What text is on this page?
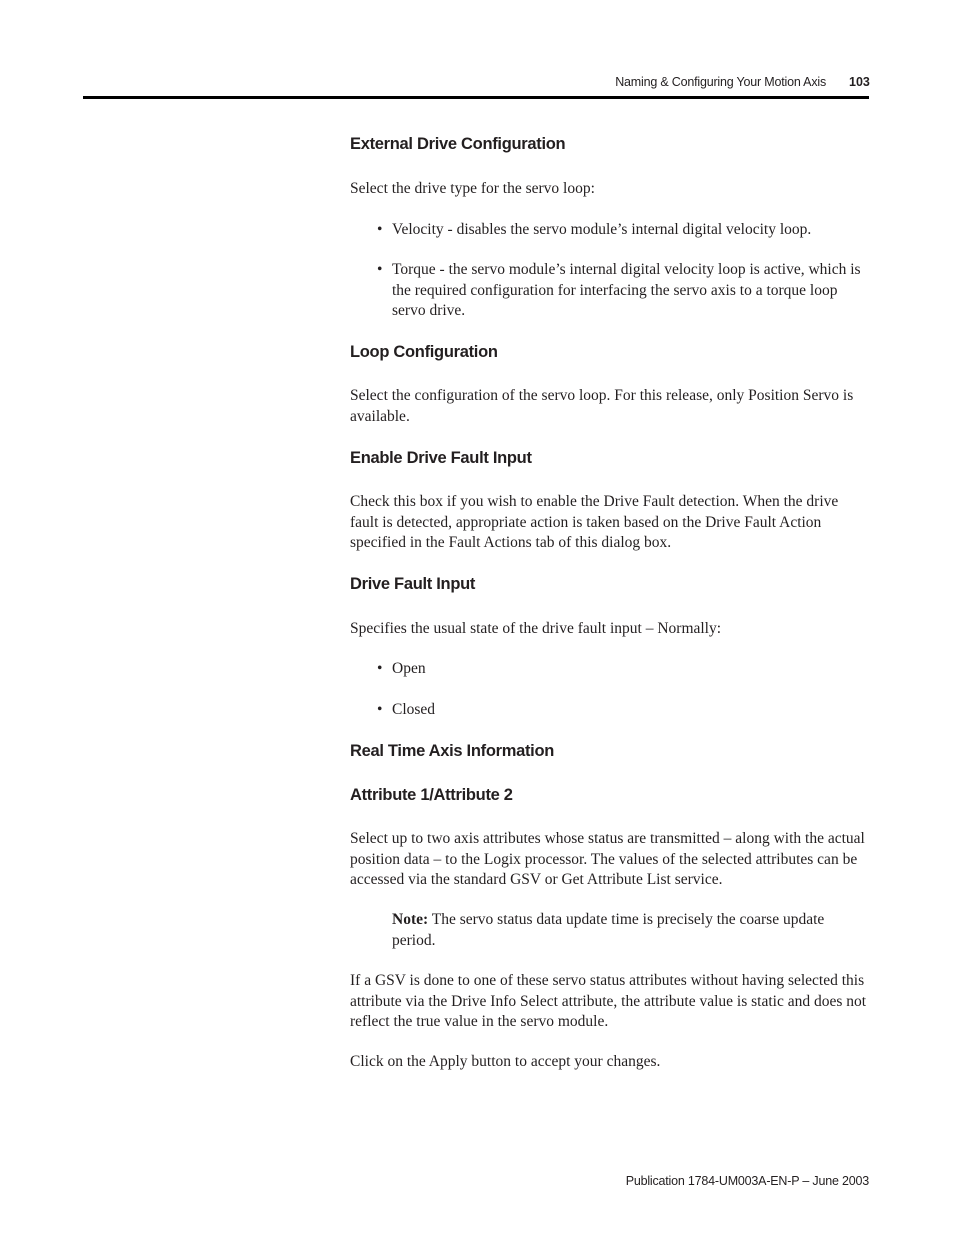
Naming & Configuring Your Motion Axis 103
External Drive Configuration
Select the drive type for the servo loop:
• Velocity - disables the servo module’s internal digital velocity loop.
• Torque - the servo module’s internal digital velocity loop is active, which is the required configuration for interfacing the servo axis to a torque loop servo drive.
Loop Configuration
Select the configuration of the servo loop. For this release, only Position Servo is available.
Enable Drive Fault Input
Check this box if you wish to enable the Drive Fault detection. When the drive fault is detected, appropriate action is taken based on the Drive Fault Action specified in the Fault Actions tab of this dialog box.
Drive Fault Input
Specifies the usual state of the drive fault input – Normally:
• Open
• Closed
Real Time Axis Information
Attribute 1/Attribute 2
Select up to two axis attributes whose status are transmitted – along with the actual position data – to the Logix processor. The values of the selected attributes can be accessed via the standard GSV or Get Attribute List service.
Note: The servo status data update time is precisely the coarse update period.
If a GSV is done to one of these servo status attributes without having selected this attribute via the Drive Info Select attribute, the attribute value is static and does not reflect the true value in the servo module.
Click on the Apply button to accept your changes.
Publication 1784-UM003A-EN-P – June 2003
